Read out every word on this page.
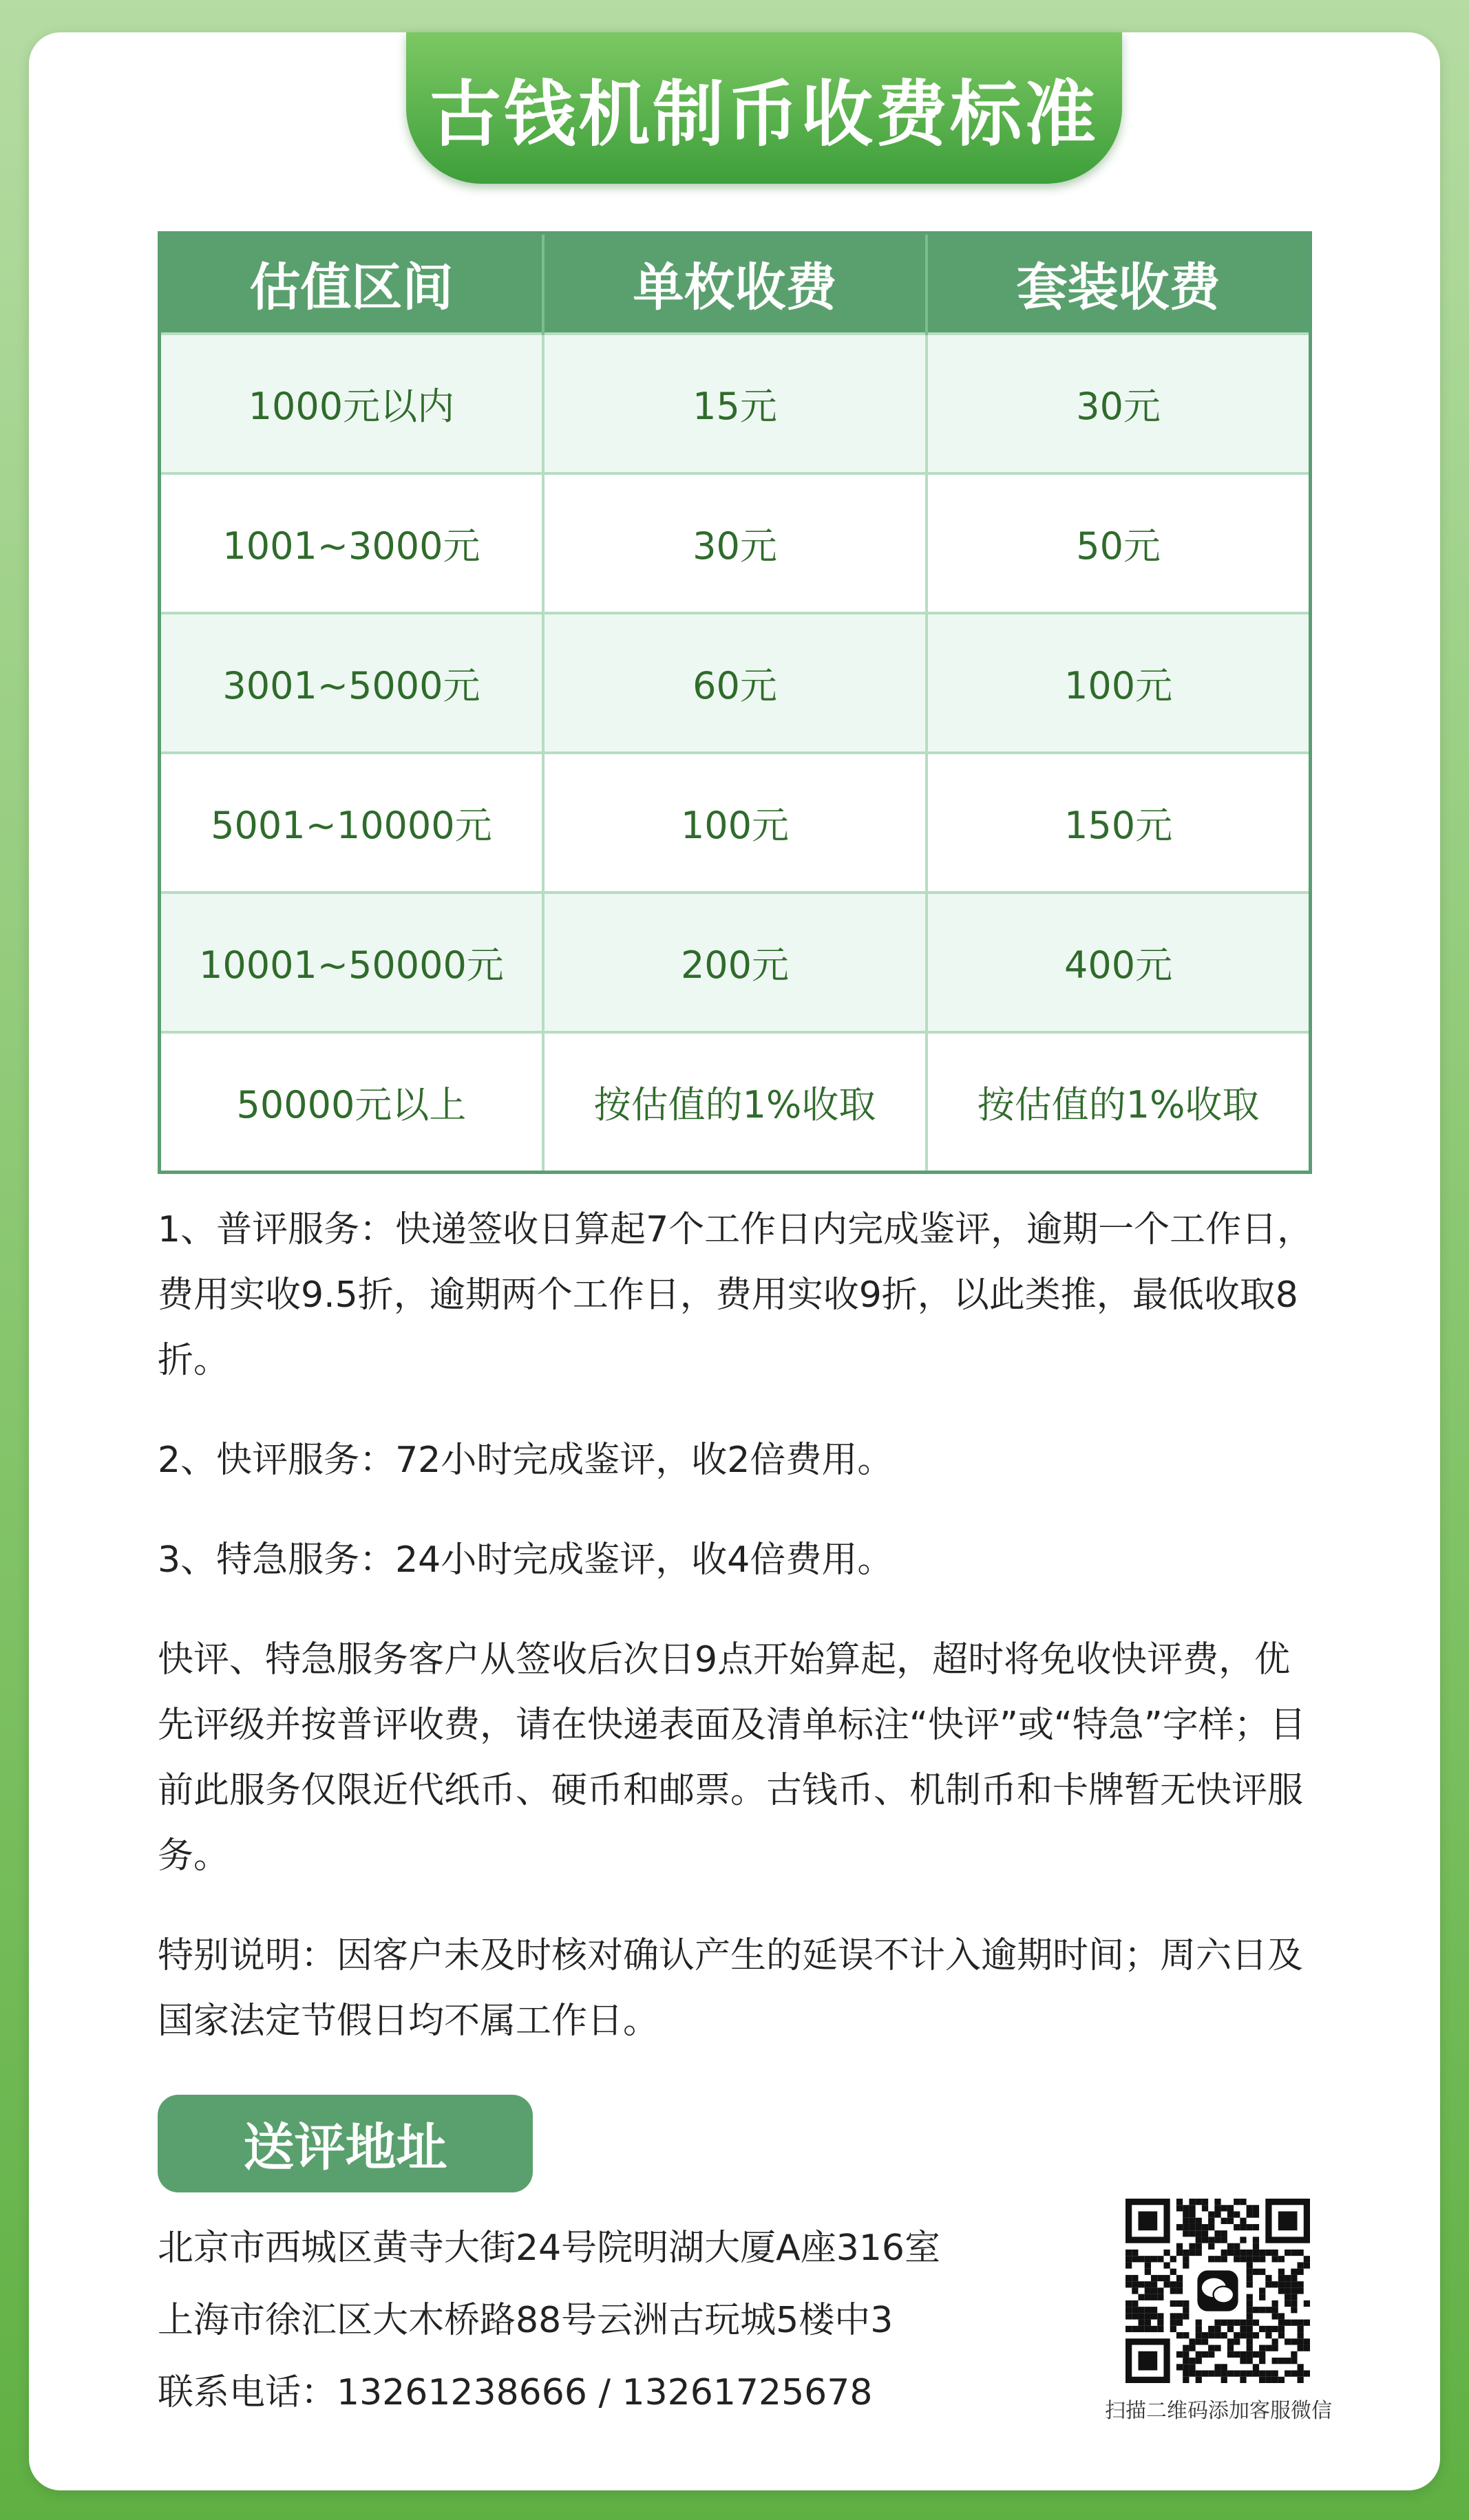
古钱机制币收费标准
估值区间	单枚收费	套装收费
1000元以内	15元	30元
1001~3000元	30元	50元
3001~5000元	60元	100元
5001~10000元	100元	150元
10001~50000元	200元	400元
50000元以上	按估值的1%收取	按估值的1%收取

1、普评服务：快递签收日算起7个工作日内完成鉴评，逾期一个工作日，费用实收9.5折，逾期两个工作日，费用实收9折，以此类推，最低收取8折。

2、快评服务：72小时完成鉴评，收2倍费用。

3、特急服务：24小时完成鉴评，收4倍费用。

快评、特急服务客户从签收后次日9点开始算起，超时将免收快评费，优先评级并按普评收费，请在快递表面及清单标注“快评”或“特急”字样；目前此服务仅限近代纸币、硬币和邮票。古钱币、机制币和卡牌暂无快评服务。

特别说明：因客户未及时核对确认产生的延误不计入逾期时间；周六日及国家法定节假日均不属工作日。

送评地址
北京市西城区黄寺大街24号院明湖大厦A座316室
上海市徐汇区大木桥路88号云洲古玩城5楼中3
联系电话：13261238666 / 13261725678	扫描二维码添加客服微信
